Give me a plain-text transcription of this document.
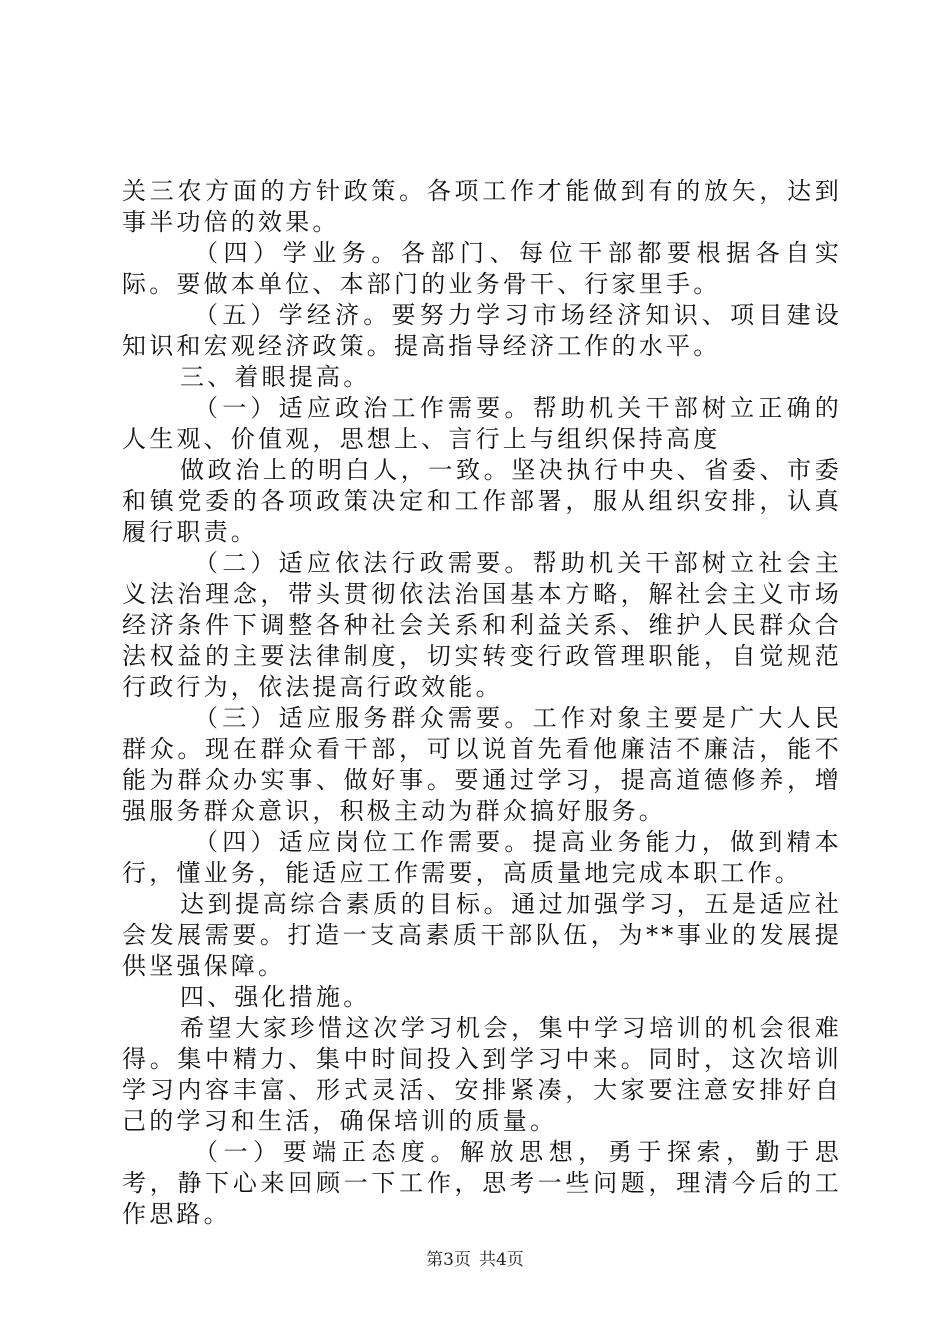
关三农方面的方针政策。各项工作才能做到有的放矢，达到事半功倍的效果。

（四）学业务。各部门、每位干部都要根据各自实际。要做本单位、本部门的业务骨干、行家里手。

（五）学经济。要努力学习市场经济知识、项目建设知识和宏观经济政策。提高指导经济工作的水平。

三、着眼提高。

（一）适应政治工作需要。帮助机关干部树立正确的人生观、价值观，思想上、言行上与组织保持高度

做政治上的明白人，一致。坚决执行中央、省委、市委和镇党委的各项政策决定和工作部署，服从组织安排，认真履行职责。

（二）适应依法行政需要。帮助机关干部树立社会主义法治理念，带头贯彻依法治国基本方略，解社会主义市场经济条件下调整各种社会关系和利益关系、维护人民群众合法权益的主要法律制度，切实转变行政管理职能，自觉规范行政行为，依法提高行政效能。

（三）适应服务群众需要。工作对象主要是广大人民群众。现在群众看干部，可以说首先看他廉洁不廉洁，能不能为群众办实事、做好事。要通过学习，提高道德修养，增强服务群众意识，积极主动为群众搞好服务。

（四）适应岗位工作需要。提高业务能力，做到精本行，懂业务，能适应工作需要，高质量地完成本职工作。

达到提高综合素质的目标。通过加强学习，五是适应社会发展需要。打造一支高素质干部队伍，为**事业的发展提供坚强保障。

四、强化措施。

希望大家珍惜这次学习机会，集中学习培训的机会很难得。集中精力、集中时间投入到学习中来。同时，这次培训学习内容丰富、形式灵活、安排紧凑，大家要注意安排好自己的学习和生活，确保培训的质量。

（一）要端正态度。解放思想，勇于探索，勤于思考，静下心来回顾一下工作，思考一些问题，理清今后的工作思路。

第3页 共4页
